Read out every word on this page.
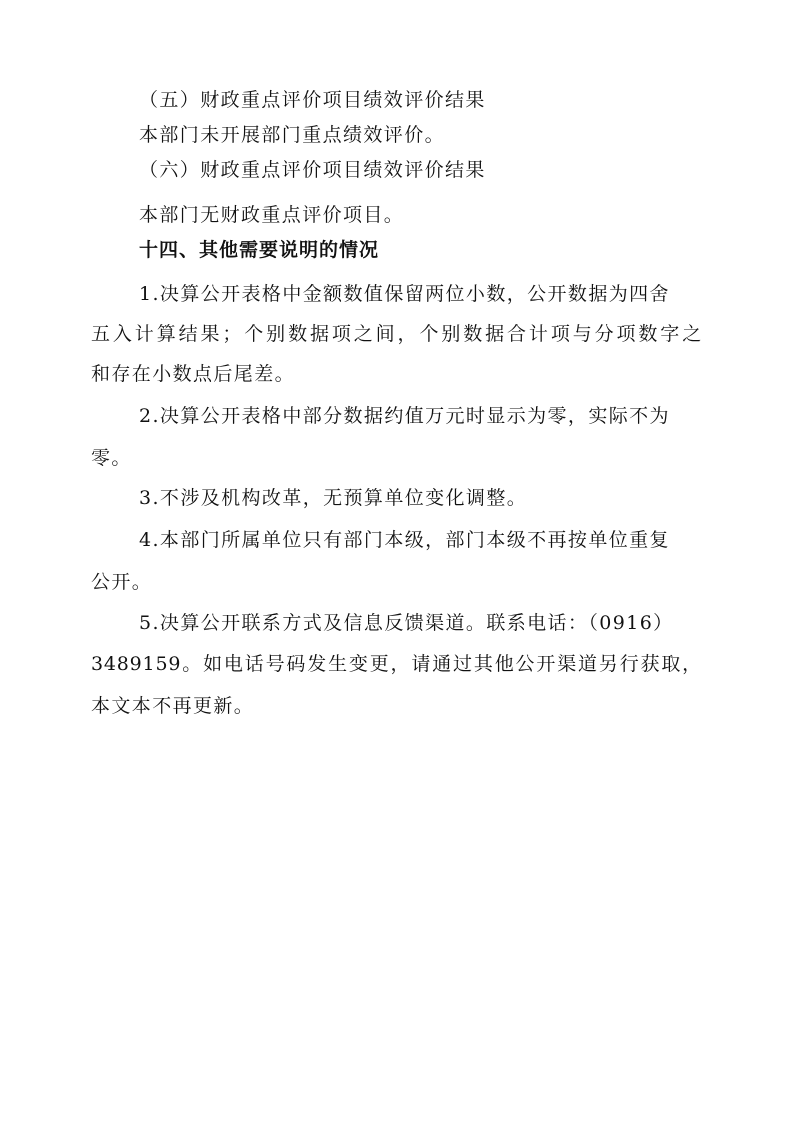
（五）财政重点评价项目绩效评价结果
本部门未开展部门重点绩效评价。
（六）财政重点评价项目绩效评价结果
本部门无财政重点评价项目。
十四、其他需要说明的情况
1.决算公开表格中金额数值保留两位小数，公开数据为四舍
五入计算结果；个别数据项之间，个别数据合计项与分项数字之
和存在小数点后尾差。
2.决算公开表格中部分数据约值万元时显示为零，实际不为
零。
3.不涉及机构改革，无预算单位变化调整。
4.本部门所属单位只有部门本级，部门本级不再按单位重复
公开。
5.决算公开联系方式及信息反馈渠道。联系电话：（0916）
3489159。如电话号码发生变更，请通过其他公开渠道另行获取，
本文本不再更新。
